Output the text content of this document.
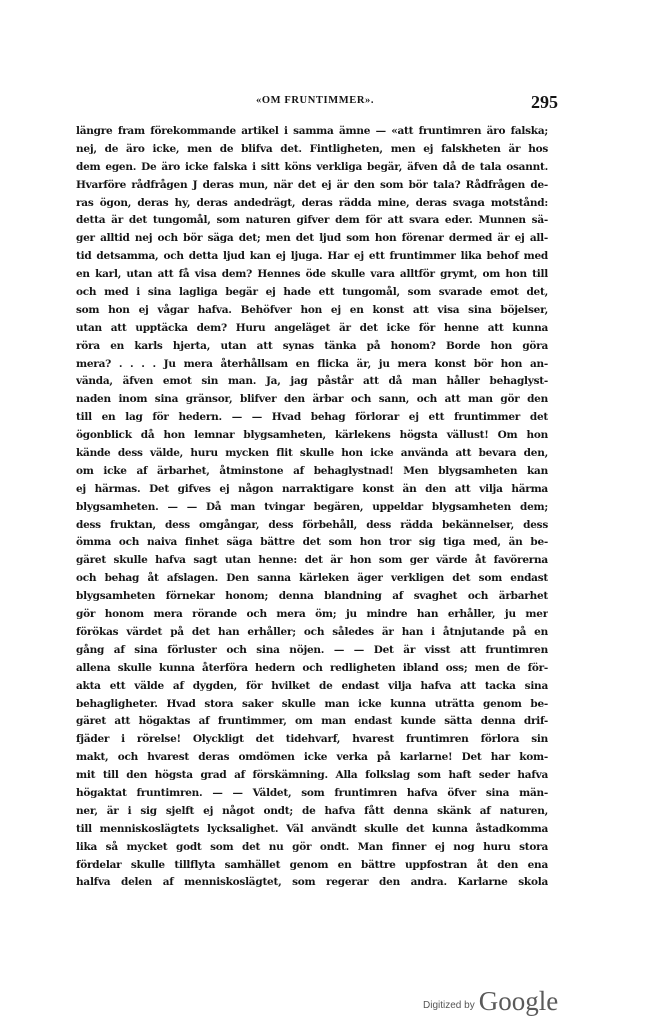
«OM FRUNTIMMER».	295
längre fram förekommande artikel i samma ämne — «att fruntimren äro falska;
nej, de äro icke, men de blifva det. Fintligheten, men ej falskheten är hos
dem egen. De äro icke falska i sitt köns verkliga begär, äfven då de tala osannt.
Hvarföre rådfrågen J deras mun, när det ej är den som bör tala? Rådfrågen de-
ras ögon, deras hy, deras andedrägt, deras rädda mine, deras svaga motstånd:
detta är det tungomål, som naturen gifver dem för att svara eder. Munnen sä-
ger alltid nej och bör säga det; men det ljud som hon förenar dermed är ej all-
tid detsamma, och detta ljud kan ej ljuga. Har ej ett fruntimmer lika behof med
en karl, utan att få visa dem? Hennes öde skulle vara alltför grymt, om hon till
och med i sina lagliga begär ej hade ett tungomål, som svarade emot det,
som hon ej vågar hafva. Behöfver hon ej en konst att visa sina böjelser,
utan att upptäcka dem? Huru angeläget är det icke för henne att kunna
röra en karls hjerta, utan att synas tänka på honom? Borde hon göra
mera? . . . . Ju mera återhållsam en flicka är, ju mera konst bör hon an-
vända, äfven emot sin man. Ja, jag påstår att då man håller behaglyst-
naden inom sina gränsor, blifver den ärbar och sann, och att man gör den
till en lag för hedern. — — Hvad behag förlorar ej ett fruntimmer det
ögonblick då hon lemnar blygsamheten, kärlekens högsta vällust! Om hon
kände dess välde, huru mycken flit skulle hon icke använda att bevara den,
om icke af ärbarhet, åtminstone af behaglystnad! Men blygsamheten kan
ej härmas. Det gifves ej någon narraktigare konst än den att vilja härma
blygsamheten. — — Då man tvingar begären, uppeldar blygsamheten dem;
dess fruktan, dess omgångar, dess förbehåll, dess rädda bekännelser, dess
ömma och naiva finhet säga bättre det som hon tror sig tiga med, än be-
gäret skulle hafva sagt utan henne: det är hon som ger värde åt favörerna
och behag åt afslagen. Den sanna kärleken äger verkligen det som endast
blygsamheten förnekar honom; denna blandning af svaghet och ärbarhet
gör honom mera rörande och mera öm; ju mindre han erhåller, ju mer
förökas värdet på det han erhåller; och således är han i åtnjutande på en
gång af sina förluster och sina nöjen. — — Det är visst att fruntimren
allena skulle kunna återföra hedern och redligheten ibland oss; men de för-
akta ett välde af dygden, för hvilket de endast vilja hafva att tacka sina
behagligheter. Hvad stora saker skulle man icke kunna uträtta genom be-
gäret att högaktas af fruntimmer, om man endast kunde sätta denna drif-
fjäder i rörelse! Olyckligt det tidehvarf, hvarest fruntimren förlora sin
makt, och hvarest deras omdömen icke verka på karlarne! Det har kom-
mit till den högsta grad af förskämning. Alla folkslag som haft seder hafva
högaktat fruntimren. — — Väldet, som fruntimren hafva öfver sina män-
ner, är i sig sjelft ej något ondt; de hafva fått denna skänk af naturen,
till menniskoslägtets lycksalighet. Väl användt skulle det kunna åstadkomma
lika så mycket godt som det nu gör ondt. Man finner ej nog huru stora
fördelar skulle tillflyta samhället genom en bättre uppfostran åt den ena
halfva delen af menniskoslägtet, som regerar den andra. Karlarne skola
Digitized by Google
